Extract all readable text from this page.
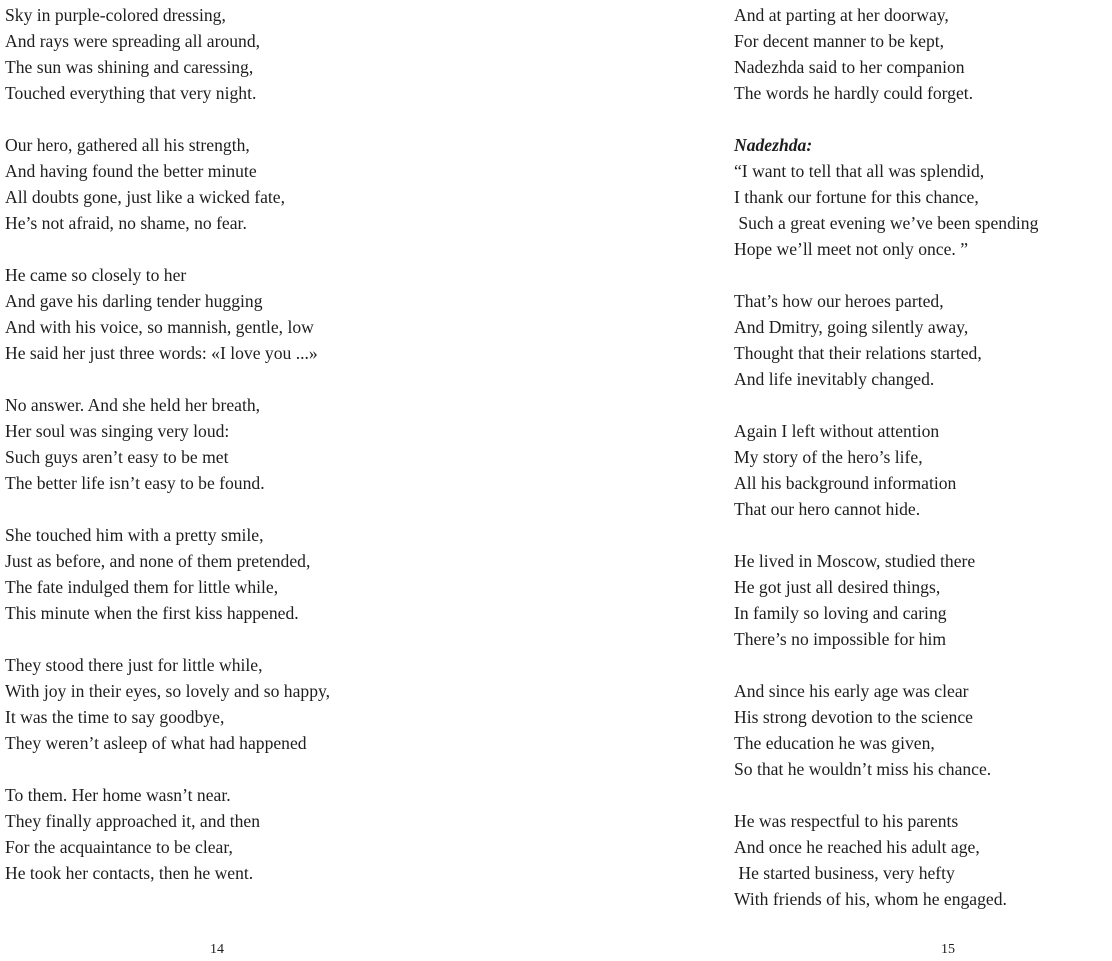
Sky in purple-colored dressing,
And rays were spreading all around,
The sun was shining and caressing,
Touched everything that very night.
Our hero, gathered all his strength,
And having found the better minute
All doubts gone, just like a wicked fate,
He’s not afraid, no shame, no fear.
He came so closely to her
And gave his darling tender hugging
And with his voice, so mannish, gentle, low
He said her just three words: «I love you ...»
No answer. And she held her breath,
Her soul was singing very loud:
Such guys aren’t easy to be met
The better life isn’t easy to be found.
She touched him with a pretty smile,
Just as before, and none of them pretended,
The fate indulged them for little while,
This minute when the first kiss happened.
They stood there just for little while,
With joy in their eyes, so lovely and so happy,
It was the time to say goodbye,
They weren’t asleep of what had happened
To them. Her home wasn’t near.
They finally approached it, and then
For the acquaintance to be clear,
He took her contacts, then he went.
14
And at parting at her doorway,
For decent manner to be kept,
Nadezhda said to her companion
The words he hardly could forget.
Nadezhda:
“I want to tell that all was splendid,
I thank our fortune for this chance,
Such a great evening we’ve been spending
Hope we’ll meet not only once. ”
That’s how our heroes parted,
And Dmitry, going silently away,
Thought that their relations started,
And life inevitably changed.
Again I left without attention
My story of the hero’s life,
All his background information
That our hero cannot hide.
He lived in Moscow, studied there
He got just all desired things,
In family so loving and caring
There’s no impossible for him
And since his early age was clear
His strong devotion to the science
The education he was given,
So that he wouldn’t miss his chance.
He was respectful to his parents
And once he reached his adult age,
He started business, very hefty
With friends of his, whom he engaged.
15
